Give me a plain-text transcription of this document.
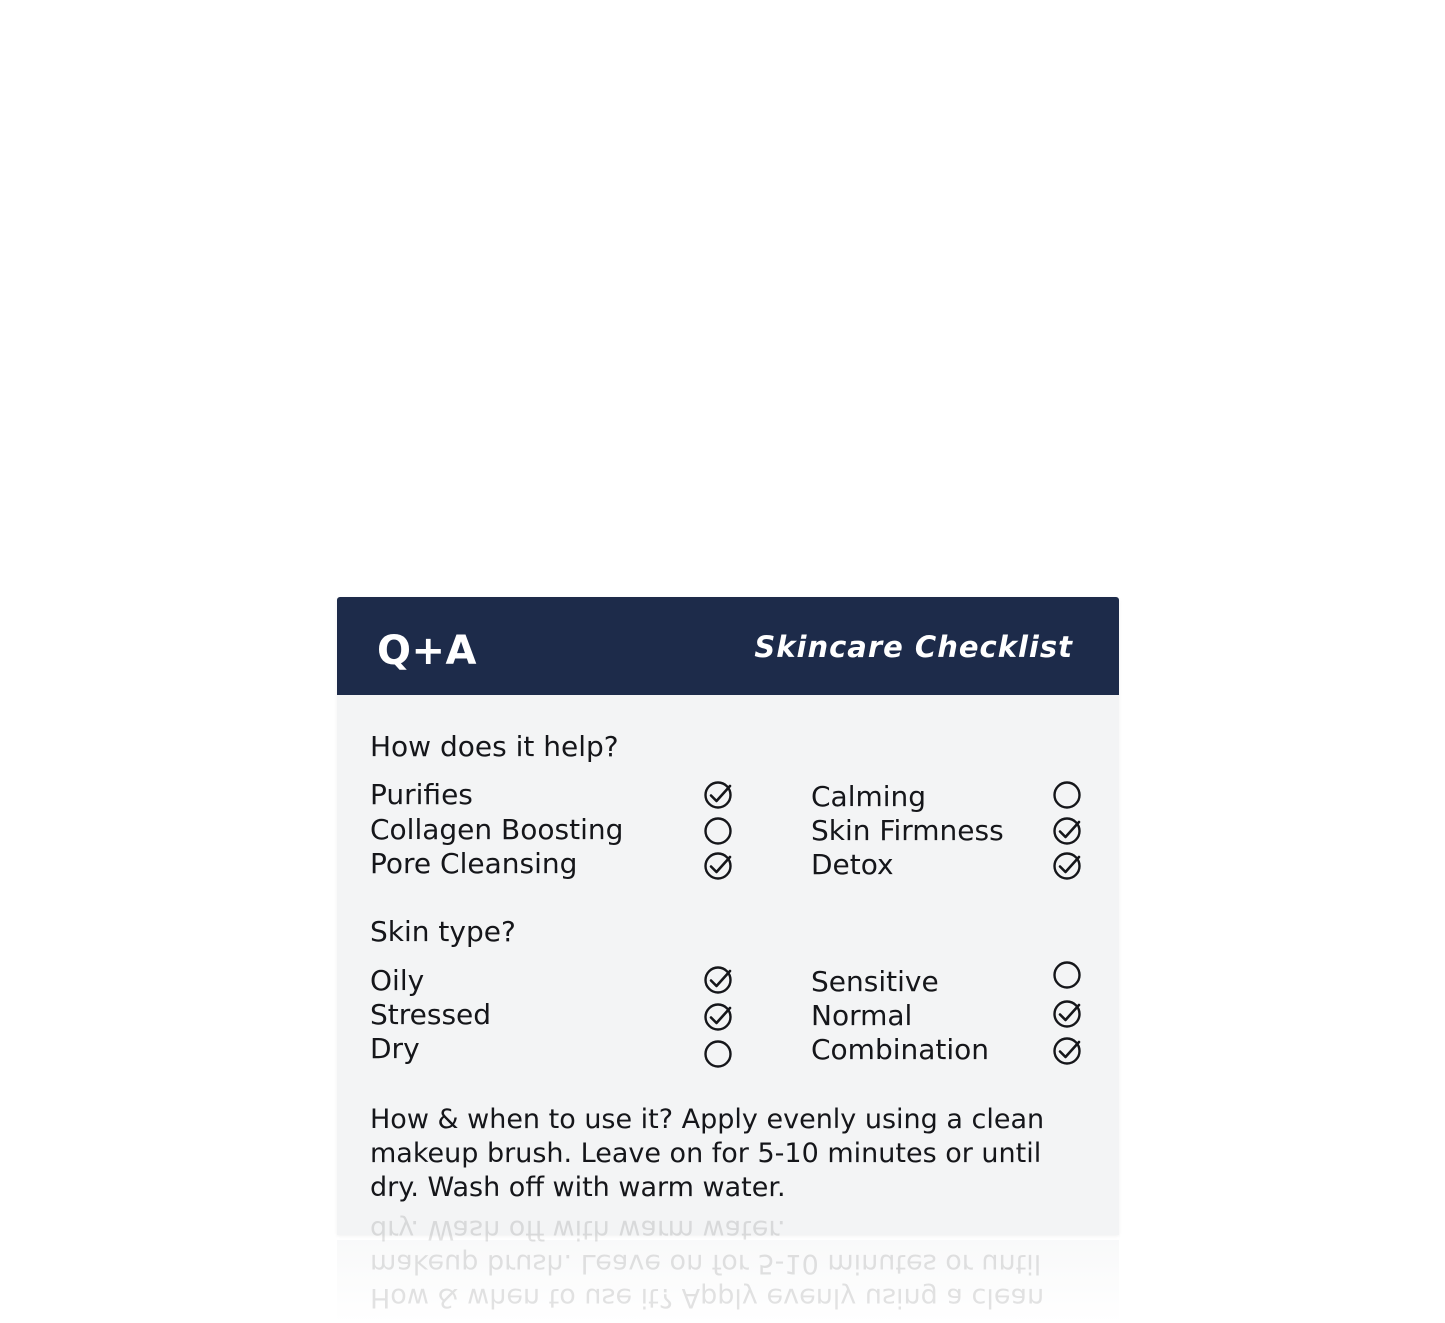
Q+A	Skincare Checklist
How does it help?
Purifies
Collagen Boosting
Pore Cleansing
Calming
Skin Firmness
Detox
Skin type?
Oily
Stressed
Dry
Sensitive
Normal
Combination
How & when to use it? Apply evenly using a clean makeup brush. Leave on for 5-10 minutes or until dry. Wash off with warm water.
How & when to use it? Apply evenly using a clean makeup brush. Leave on for 5-10 minutes or until dry. Wash off with warm water.
